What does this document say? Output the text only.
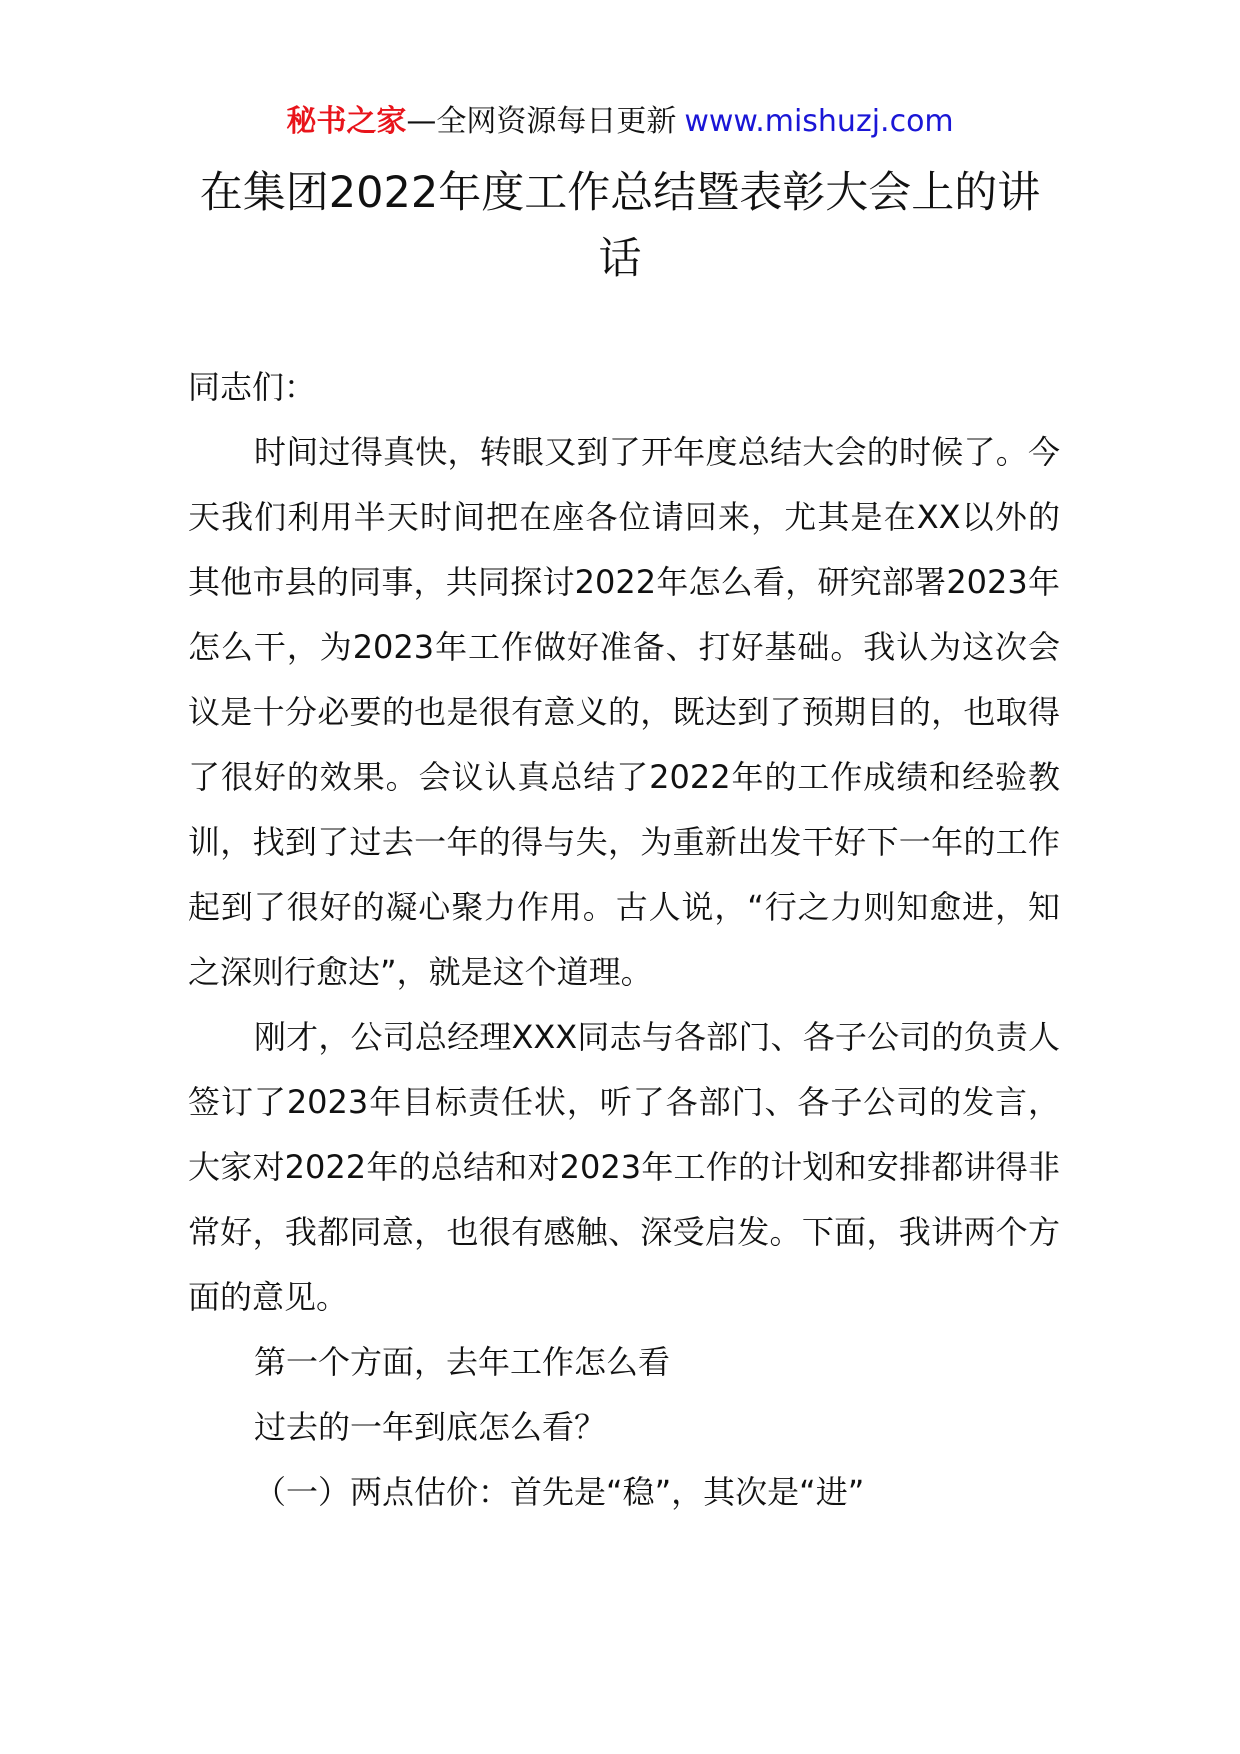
秘书之家—全网资源每日更新 www.mishuzj.com
在集团2022年度工作总结暨表彰大会上的讲话

同志们：

时间过得真快，转眼又到了开年度总结大会的时候了。今天我们利用半天时间把在座各位请回来，尤其是在XX以外的其他市县的同事，共同探讨2022年怎么看，研究部署2023年怎么干，为2023年工作做好准备、打好基础。我认为这次会议是十分必要的也是很有意义的，既达到了预期目的，也取得了很好的效果。会议认真总结了2022年的工作成绩和经验教训，找到了过去一年的得与失，为重新出发干好下一年的工作起到了很好的凝心聚力作用。古人说，“行之力则知愈进，知之深则行愈达”，就是这个道理。

刚才，公司总经理XXX同志与各部门、各子公司的负责人签订了2023年目标责任状，听了各部门、各子公司的发言，大家对2022年的总结和对2023年工作的计划和安排都讲得非常好，我都同意，也很有感触、深受启发。下面，我讲两个方面的意见。

第一个方面，去年工作怎么看

过去的一年到底怎么看？

（一）两点估价：首先是“稳”，其次是“进”
